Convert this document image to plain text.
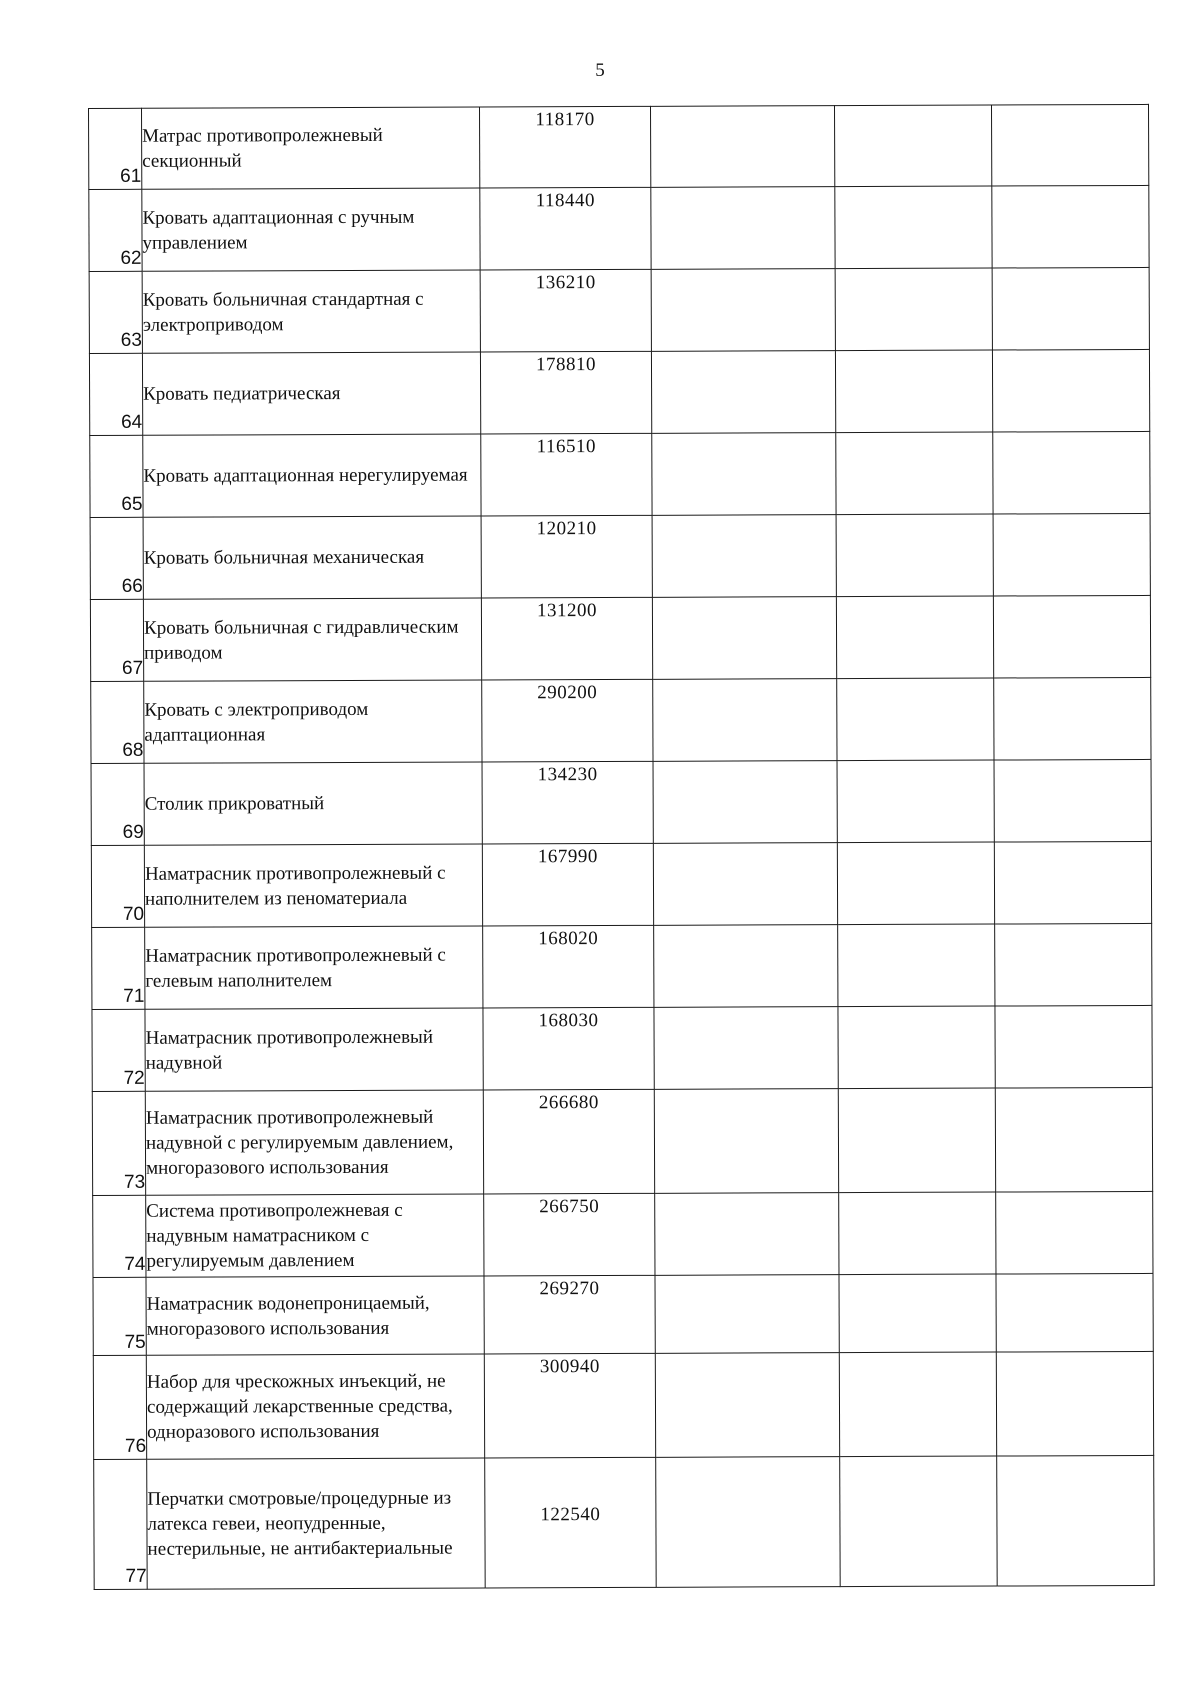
5
61	Матрас противопролежневый секционный	118170			
62	Кровать адаптационная с ручным управлением	118440			
63	Кровать больничная стандартная с электроприводом	136210			
64	Кровать педиатрическая	178810			
65	Кровать адаптационная нерегулируемая	116510			
66	Кровать больничная механическая	120210			
67	Кровать больничная с гидравлическим приводом	131200			
68	Кровать с электроприводом адаптационная	290200			
69	Столик прикроватный	134230			
70	Наматрасник противопролежневый с наполнителем из пеноматериала	167990			
71	Наматрасник противопролежневый с гелевым наполнителем	168020			
72	Наматрасник противопролежневый надувной	168030			
73	Наматрасник противопролежневый надувной с регулируемым давлением, многоразового использования	266680			
74	Система противопролежневая с надувным наматрасником с регулируемым давлением	266750			
75	Наматрасник водонепроницаемый, многоразового использования	269270			
76	Набор для чрескожных инъекций, не содержащий лекарственные средства, одноразового использования	300940			
77	Перчатки смотровые/процедурные из латекса гевеи, неопудренные, нестерильные, не антибактериальные	122540			
